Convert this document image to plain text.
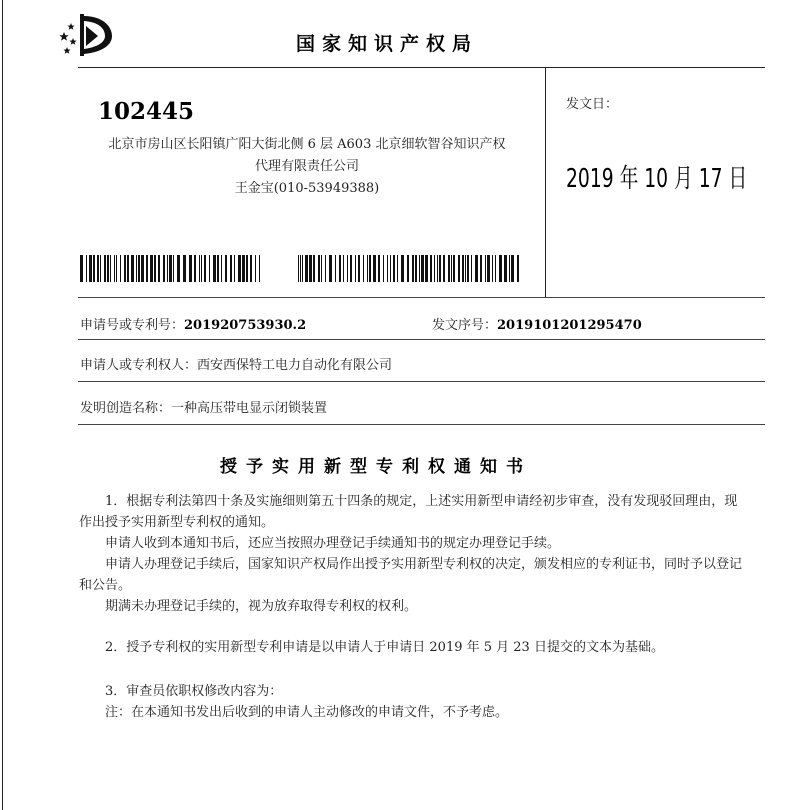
国家知识产权局
102445
北京市房山区长阳镇广阳大街北侧 6 层 A603 北京细软智谷知识产权
代理有限责任公司
王金宝(010-53949388)
发文日：
2019 年 10 月 17 日
申请号或专利号：201920753930.2	发文序号：2019101201295470
申请人或专利权人：西安西保特工电力自动化有限公司
发明创造名称：一种高压带电显示闭锁装置
授予实用新型专利权通知书
1．根据专利法第四十条及实施细则第五十四条的规定，上述实用新型申请经初步审查，没有发现驳回理由，现作出授予实用新型专利权的通知。
申请人收到本通知书后，还应当按照办理登记手续通知书的规定办理登记手续。
申请人办理登记手续后，国家知识产权局作出授予实用新型专利权的决定，颁发相应的专利证书，同时予以登记和公告。
期满未办理登记手续的，视为放弃取得专利权的权利。
2．授予专利权的实用新型专利申请是以申请人于申请日 2019 年 5 月 23 日提交的文本为基础。
3．审查员依职权修改内容为：
注：在本通知书发出后收到的申请人主动修改的申请文件，不予考虑。
